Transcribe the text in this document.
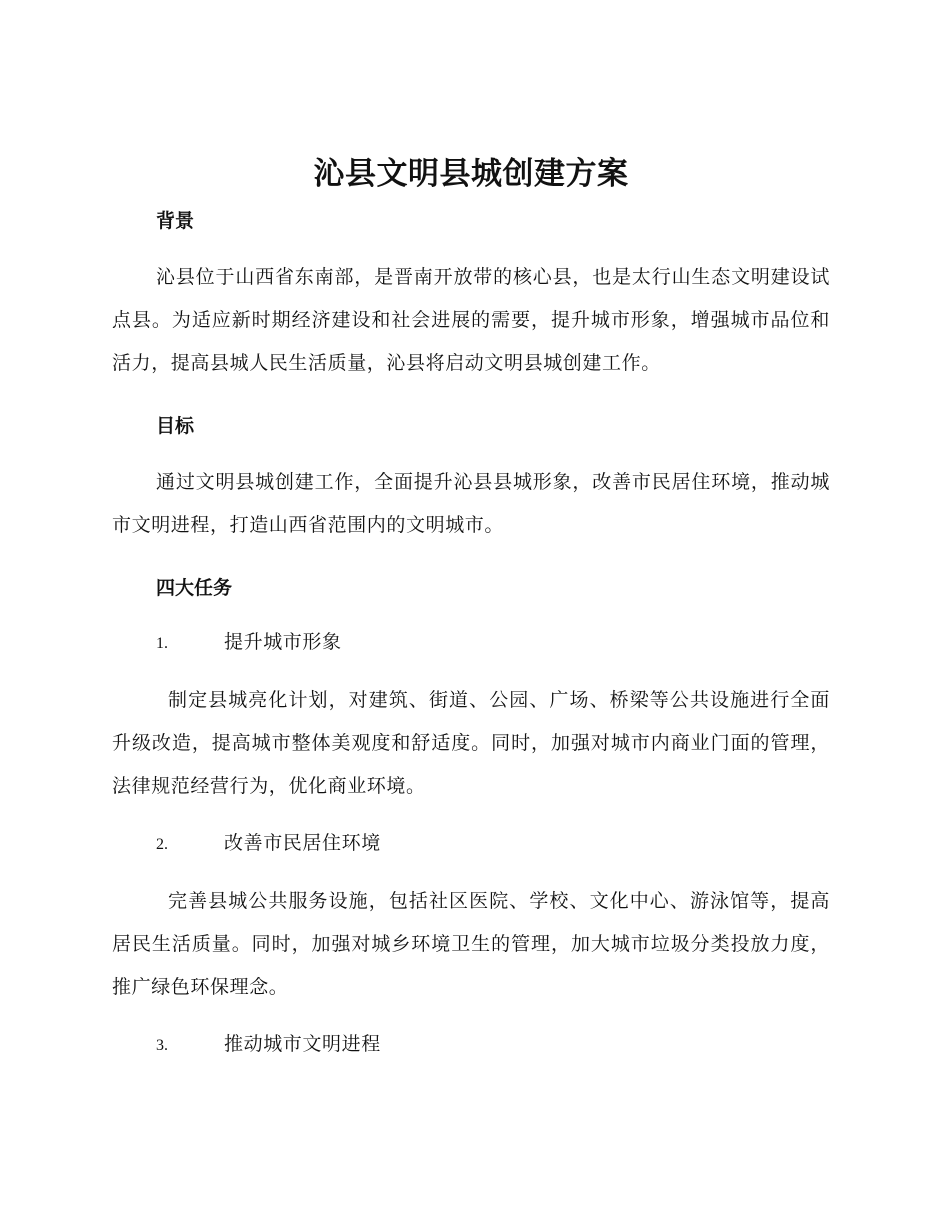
沁县文明县城创建方案
背景

沁县位于山西省东南部，是晋南开放带的核心县，也是太行山生态文明建设试点县。为适应新时期经济建设和社会进展的需要，提升城市形象，增强城市品位和活力，提高县城人民生活质量，沁县将启动文明县城创建工作。

目标

通过文明县城创建工作，全面提升沁县县城形象，改善市民居住环境，推动城市文明进程，打造山西省范围内的文明城市。

四大任务
1.	提升城市形象

制定县城亮化计划，对建筑、街道、公园、广场、桥梁等公共设施进行全面升级改造，提高城市整体美观度和舒适度。同时，加强对城市内商业门面的管理，法律规范经营行为，优化商业环境。

2.	改善市民居住环境

完善县城公共服务设施，包括社区医院、学校、文化中心、游泳馆等，提高居民生活质量。同时，加强对城乡环境卫生的管理，加大城市垃圾分类投放力度，推广绿色环保理念。

3.	推动城市文明进程
